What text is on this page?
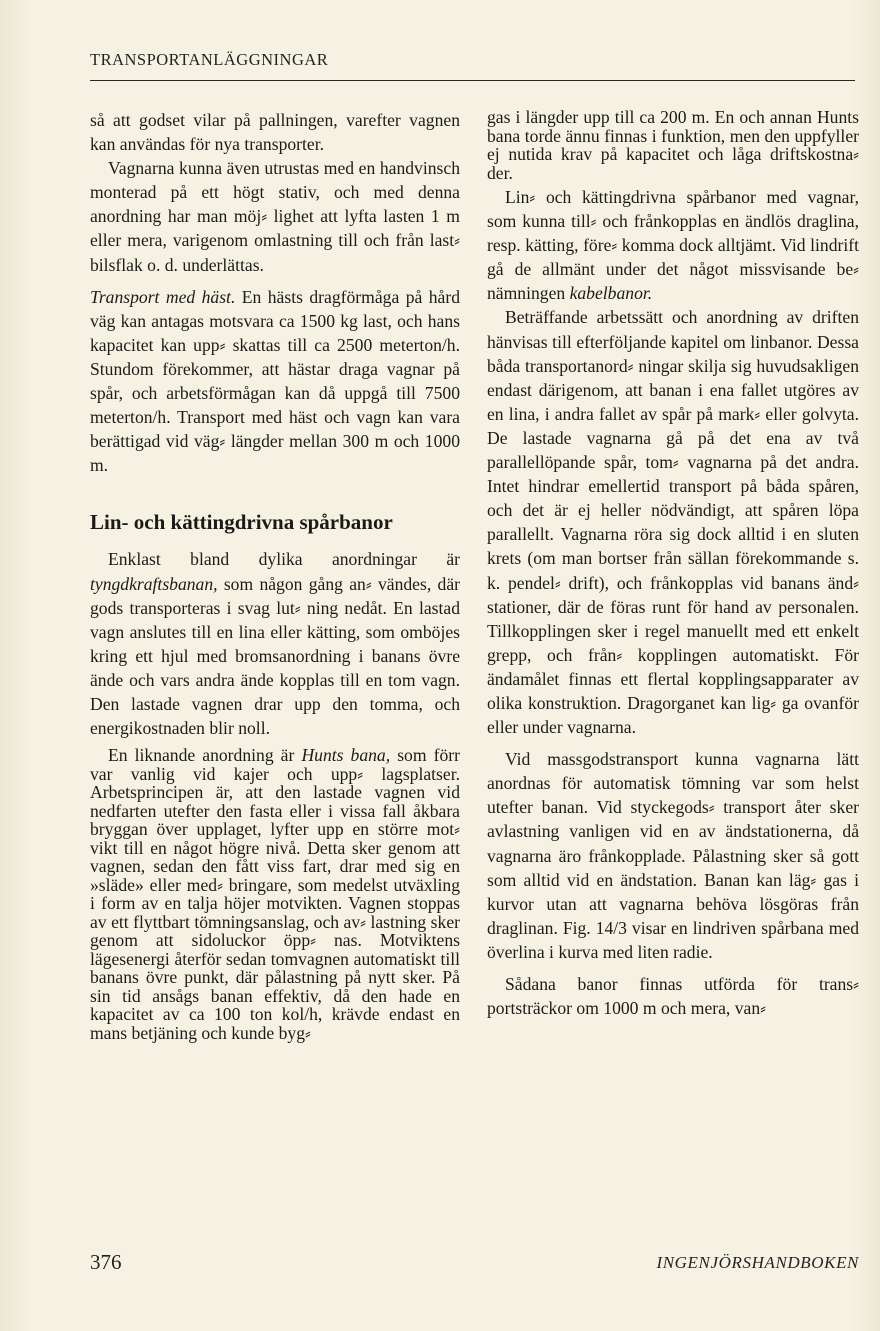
TRANSPORTANLÄGGNINGAR

så att godset vilar på pallningen, varefter vagnen kan användas för nya transporter.

Vagnarna kunna även utrustas med en handvinsch monterad på ett högt stativ, och med denna anordning har man möj⸗ lighet att lyfta lasten 1 m eller mera, varigenom omlastning till och från last⸗ bilsflak o. d. underlättas.

Transport med häst. En hästs dragförmåga på hård väg kan antagas motsvara ca 1500 kg last, och hans kapacitet kan upp⸗ skattas till ca 2500 meterton/h. Stundom förekommer, att hästar draga vagnar på spår, och arbetsförmågan kan då uppgå till 7500 meterton/h. Transport med häst och vagn kan vara berättigad vid väg⸗ längder mellan 300 m och 1000 m.

Lin- och kättingdrivna spårbanor

Enklast bland dylika anordningar är tyngdkraftsbanan, som någon gång an⸗ vändes, där gods transporteras i svag lut⸗ ning nedåt. En lastad vagn anslutes till en lina eller kätting, som omböjes kring ett hjul med bromsanordning i banans övre ände och vars andra ände kopplas till en tom vagn. Den lastade vagnen drar upp den tomma, och energikostnaden blir noll.

En liknande anordning är Hunts bana, som förr var vanlig vid kajer och upp⸗ lagsplatser. Arbetsprincipen är, att den lastade vagnen vid nedfarten utefter den fasta eller i vissa fall åkbara bryggan över upplaget, lyfter upp en större mot⸗ vikt till en något högre nivå. Detta sker genom att vagnen, sedan den fått viss fart, drar med sig en »släde» eller med⸗ bringare, som medelst utväxling i form av en talja höjer motvikten. Vagnen stoppas av ett flyttbart tömningsanslag, och av⸗ lastning sker genom att sidoluckor öpp⸗ nas. Motviktens lägesenergi återför sedan tomvagnen automatiskt till banans övre punkt, där pålastning på nytt sker. På sin tid ansågs banan effektiv, då den hade en kapacitet av ca 100 ton kol/h, krävde endast en mans betjäning och kunde byg⸗

gas i längder upp till ca 200 m. En och annan Hunts bana torde ännu finnas i funktion, men den uppfyller ej nutida krav på kapacitet och låga driftskostna⸗ der.

Lin⸗ och kättingdrivna spårbanor med vagnar, som kunna till⸗ och frånkopplas en ändlös draglina, resp. kätting, före⸗ komma dock alltjämt. Vid lindrift gå de allmänt under det något missvisande be⸗ nämningen kabelbanor.

Beträffande arbetssätt och anordning av driften hänvisas till efterföljande kapitel om linbanor. Dessa båda transportanord⸗ ningar skilja sig huvudsakligen endast därigenom, att banan i ena fallet utgöres av en lina, i andra fallet av spår på mark⸗ eller golvyta. De lastade vagnarna gå på det ena av två parallellöpande spår, tom⸗ vagnarna på det andra. Intet hindrar emellertid transport på båda spåren, och det är ej heller nödvändigt, att spåren löpa parallellt. Vagnarna röra sig dock alltid i en sluten krets (om man bortser från sällan förekommande s. k. pendel⸗ drift), och frånkopplas vid banans änd⸗ stationer, där de föras runt för hand av personalen. Tillkopplingen sker i regel manuellt med ett enkelt grepp, och från⸗ kopplingen automatiskt. För ändamålet finnas ett flertal kopplingsapparater av olika konstruktion. Dragorganet kan lig⸗ ga ovanför eller under vagnarna.

Vid massgodstransport kunna vagnarna lätt anordnas för automatisk tömning var som helst utefter banan. Vid styckegods⸗ transport åter sker avlastning vanligen vid en av ändstationerna, då vagnarna äro frånkopplade. Pålastning sker så gott som alltid vid en ändstation. Banan kan läg⸗ gas i kurvor utan att vagnarna behöva lösgöras från draglinan. Fig. 14/3 visar en lindriven spårbana med överlina i kurva med liten radie.

Sådana banor finnas utförda för trans⸗ portsträckor om 1000 m och mera, van⸗

376	INGENJÖRSHANDBOKEN
